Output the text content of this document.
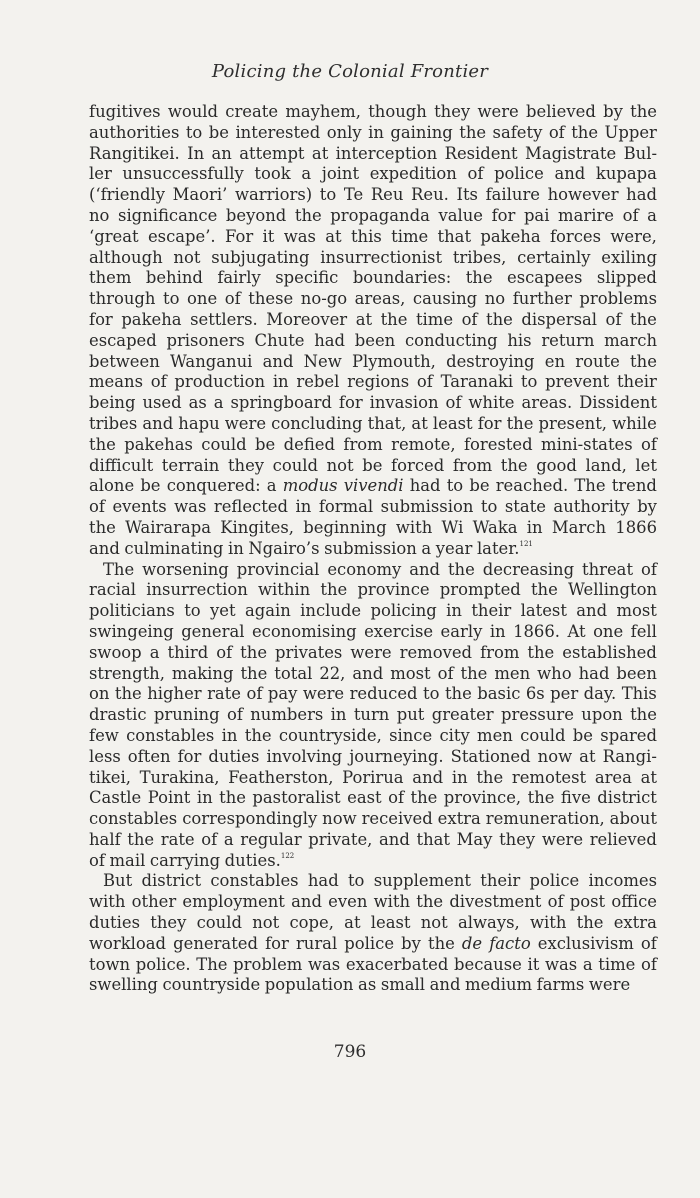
Policing the Colonial Frontier
fugitives would create mayhem, though they were believed by the
authorities to be interested only in gaining the safety of the Upper
Rangitikei. In an attempt at interception Resident Magistrate Bul-
ler unsuccessfully took a joint expedition of police and kupapa
(‘friendly Maori’ warriors) to Te Reu Reu. Its failure however had
no significance beyond the propaganda value for pai marire of a
‘great escape’. For it was at this time that pakeha forces were,
although not subjugating insurrectionist tribes, certainly exiling
them behind fairly specific boundaries: the escapees slipped
through to one of these no-go areas, causing no further problems
for pakeha settlers. Moreover at the time of the dispersal of the
escaped prisoners Chute had been conducting his return march
between Wanganui and New Plymouth, destroying en route the
means of production in rebel regions of Taranaki to prevent their
being used as a springboard for invasion of white areas. Dissident
tribes and hapu were concluding that, at least for the present, while
the pakehas could be defied from remote, forested mini-states of
difficult terrain they could not be forced from the good land, let
alone be conquered: a modus vivendi had to be reached. The trend
of events was reflected in formal submission to state authority by
the Wairarapa Kingites, beginning with Wi Waka in March 1866
and culminating in Ngairo’s submission a year later.$^{121}$
The worsening provincial economy and the decreasing threat of
racial insurrection within the province prompted the Wellington
politicians to yet again include policing in their latest and most
swingeing general economising exercise early in 1866. At one fell
swoop a third of the privates were removed from the established
strength, making the total 22, and most of the men who had been
on the higher rate of pay were reduced to the basic 6s per day. This
drastic pruning of numbers in turn put greater pressure upon the
few constables in the countryside, since city men could be spared
less often for duties involving journeying. Stationed now at Rangi-
tikei, Turakina, Featherston, Porirua and in the remotest area at
Castle Point in the pastoralist east of the province, the five district
constables correspondingly now received extra remuneration, about
half the rate of a regular private, and that May they were relieved
of mail carrying duties.$^{122}$
But district constables had to supplement their police incomes
with other employment and even with the divestment of post office
duties they could not cope, at least not always, with the extra
workload generated for rural police by the de facto exclusivism of
town police. The problem was exacerbated because it was a time of
swelling countryside population as small and medium farms were
796
